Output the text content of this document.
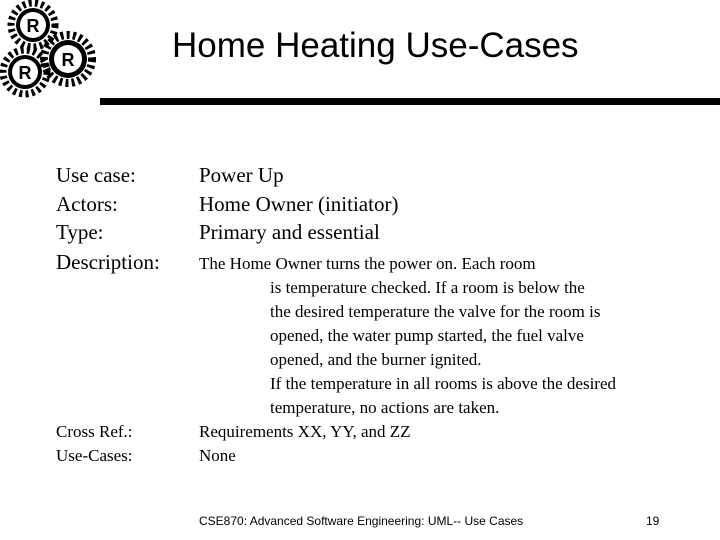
R
R
R	Home Heating Use-Cases
Use case:	Power Up
Actors:	Home Owner (initiator)
Type:	Primary and essential
Description: The Home Owner turns the power on. Each room
is temperature checked. If a room is below the
the desired temperature the valve for the room is
opened, the water pump started, the fuel valve
opened, and the burner ignited.
If the temperature in all rooms is above the desired
temperature, no actions are taken.
Cross Ref.:	Requirements XX, YY, and ZZ
Use-Cases:	None
CSE870: Advanced Software Engineering: UML-- Use Cases	19
